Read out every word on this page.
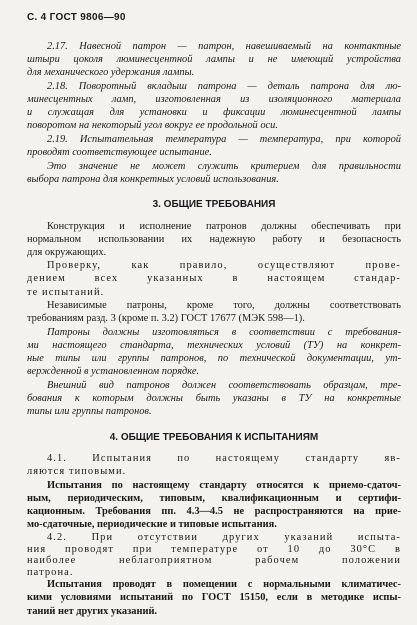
С. 4 ГОСТ 9806—90
2.17. Навесной патрон — патрон, навешиваемый на контактные
штыри цоколя люминесцентной лампы и не имеющий устройства
для механического удержания лампы.
2.18. Поворотный вкладыш патрона — деталь патрона для лю-
минесцентных ламп, изготовленная из изоляционного материала
и служащая для установки и фиксации люминесцентной лампы
поворотом на некоторый угол вокруг ее продольной оси.
2.19. Испытательная температура — температура, при которой
проводят соответствующее испытание.
Это значение не может служить критерием для правильности
выбора патрона для конкретных условий использования.
3. ОБЩИЕ ТРЕБОВАНИЯ
Конструкция и исполнение патронов должны обеспечивать при
нормальном использовании их надежную работу и безопасность
для окружающих.
Проверку, как правило, осуществляют прове-
дением всех указанных в настоящем стандар-
те испытаний.
Независимые патроны, кроме того, должны соответствовать
требованиям разд. 3 (кроме п. 3.2) ГОСТ 17677 (МЭК 598—1).
Патроны должны изготовляться в соответствии с требования-
ми настоящего стандарта, технических условий (ТУ) на конкрет-
ные типы или группы патронов, по технической документации, ут-
вержденной в установленном порядке.
Внешний вид патронов должен соответствовать образцам, тре-
бования к которым должны быть указаны в ТУ на конкретные
типы или группы патронов.
4. ОБЩИЕ ТРЕБОВАНИЯ К ИСПЫТАНИЯМ
4.1. Испытания по настоящему стандарту яв-
ляются типовыми.
Испытания по настоящему стандарту относятся к приемо-сдаточ-
ным, периодическим, типовым, квалификационным и сертифи-
кационным. Требования пп. 4.3—4.5 не распространяются на прие-
мо-сдаточные, периодические и типовые испытания.
4.2. При отсутствии других указаний испыта-
ния проводят при температуре от 10 до 30°С в
наиболее неблагоприятном рабочем положении
патрона.
Испытания проводят в помещении с нормальными климатичес-
кими условиями испытаний по ГОСТ 15150, если в методике испы-
таний нет других указаний.
